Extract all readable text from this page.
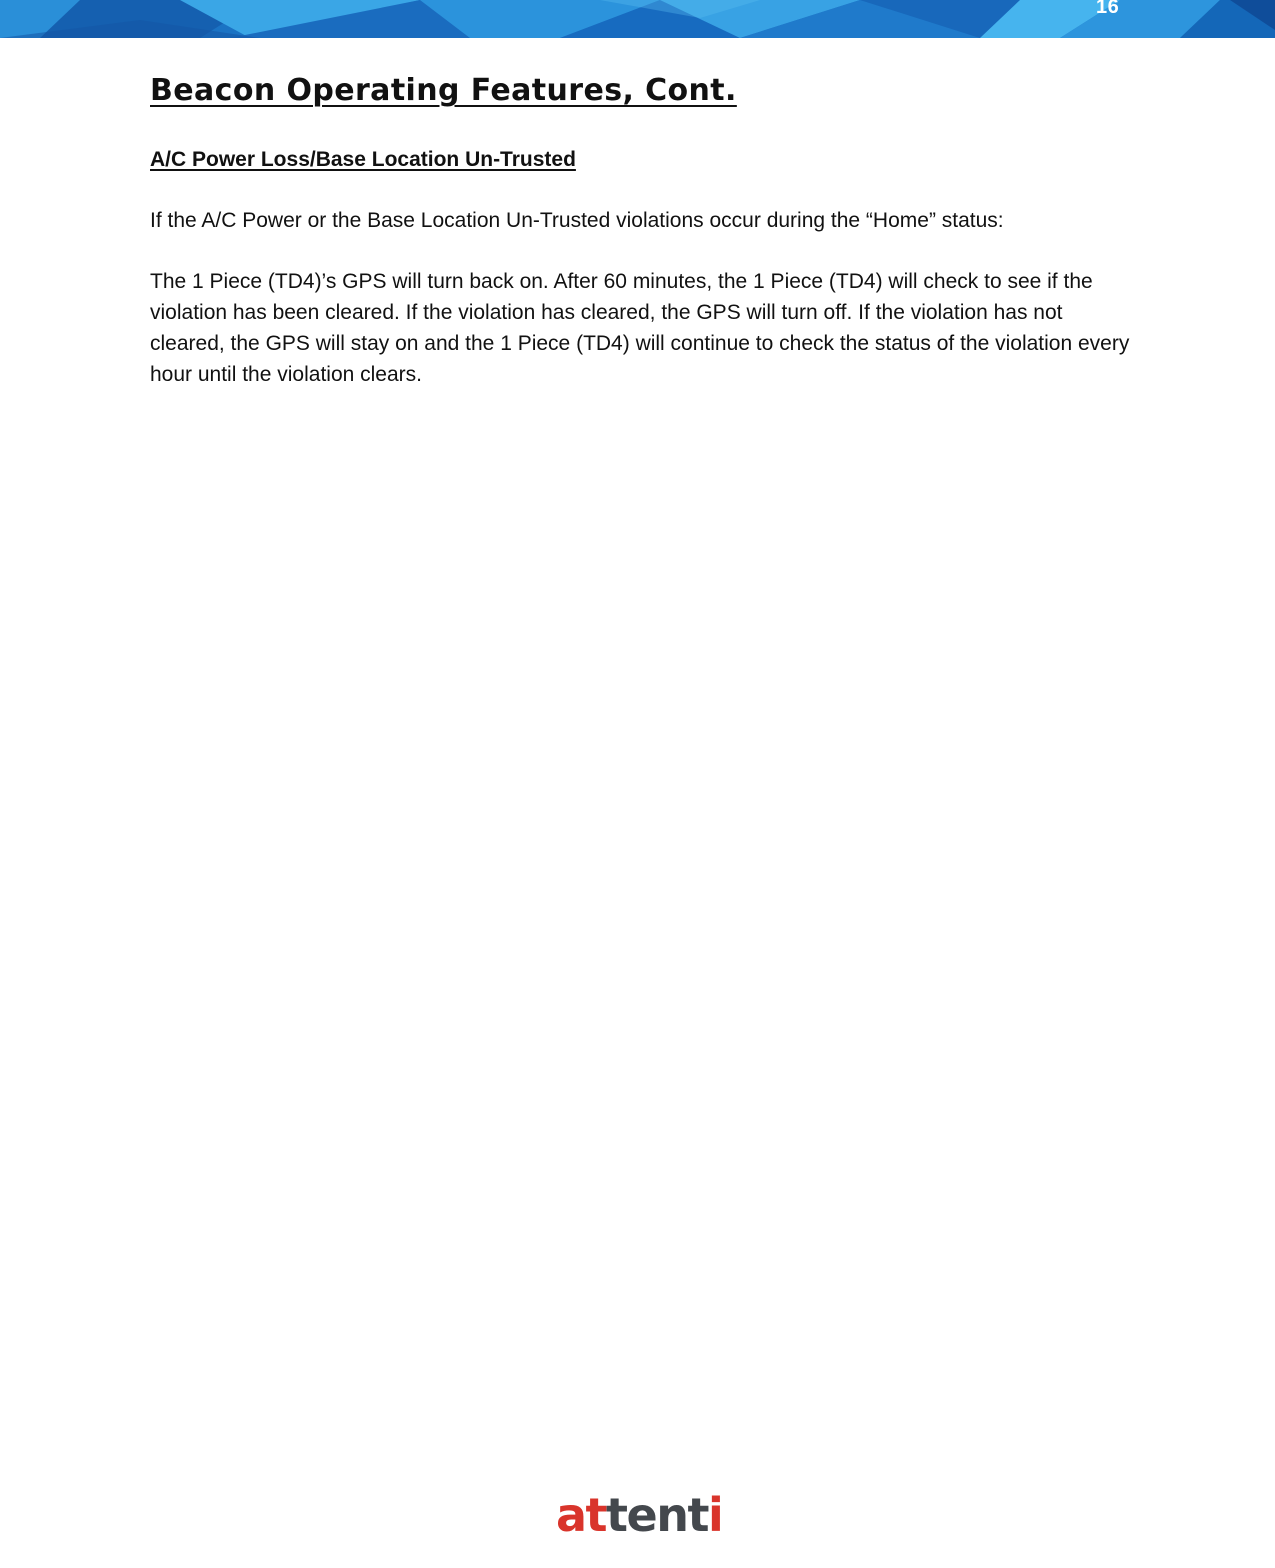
16
Beacon Operating Features, Cont.
A/C Power Loss/Base Location Un-Trusted

If the A/C Power or the Base Location Un-Trusted violations occur during the “Home” status:

The 1 Piece (TD4)’s GPS will turn back on. After 60 minutes, the 1 Piece (TD4) will check to see if the violation has been cleared. If the violation has cleared, the GPS will turn off. If the violation has not cleared, the GPS will stay on and the 1 Piece (TD4) will continue to check the status of the violation every hour until the violation clears.

attenti
